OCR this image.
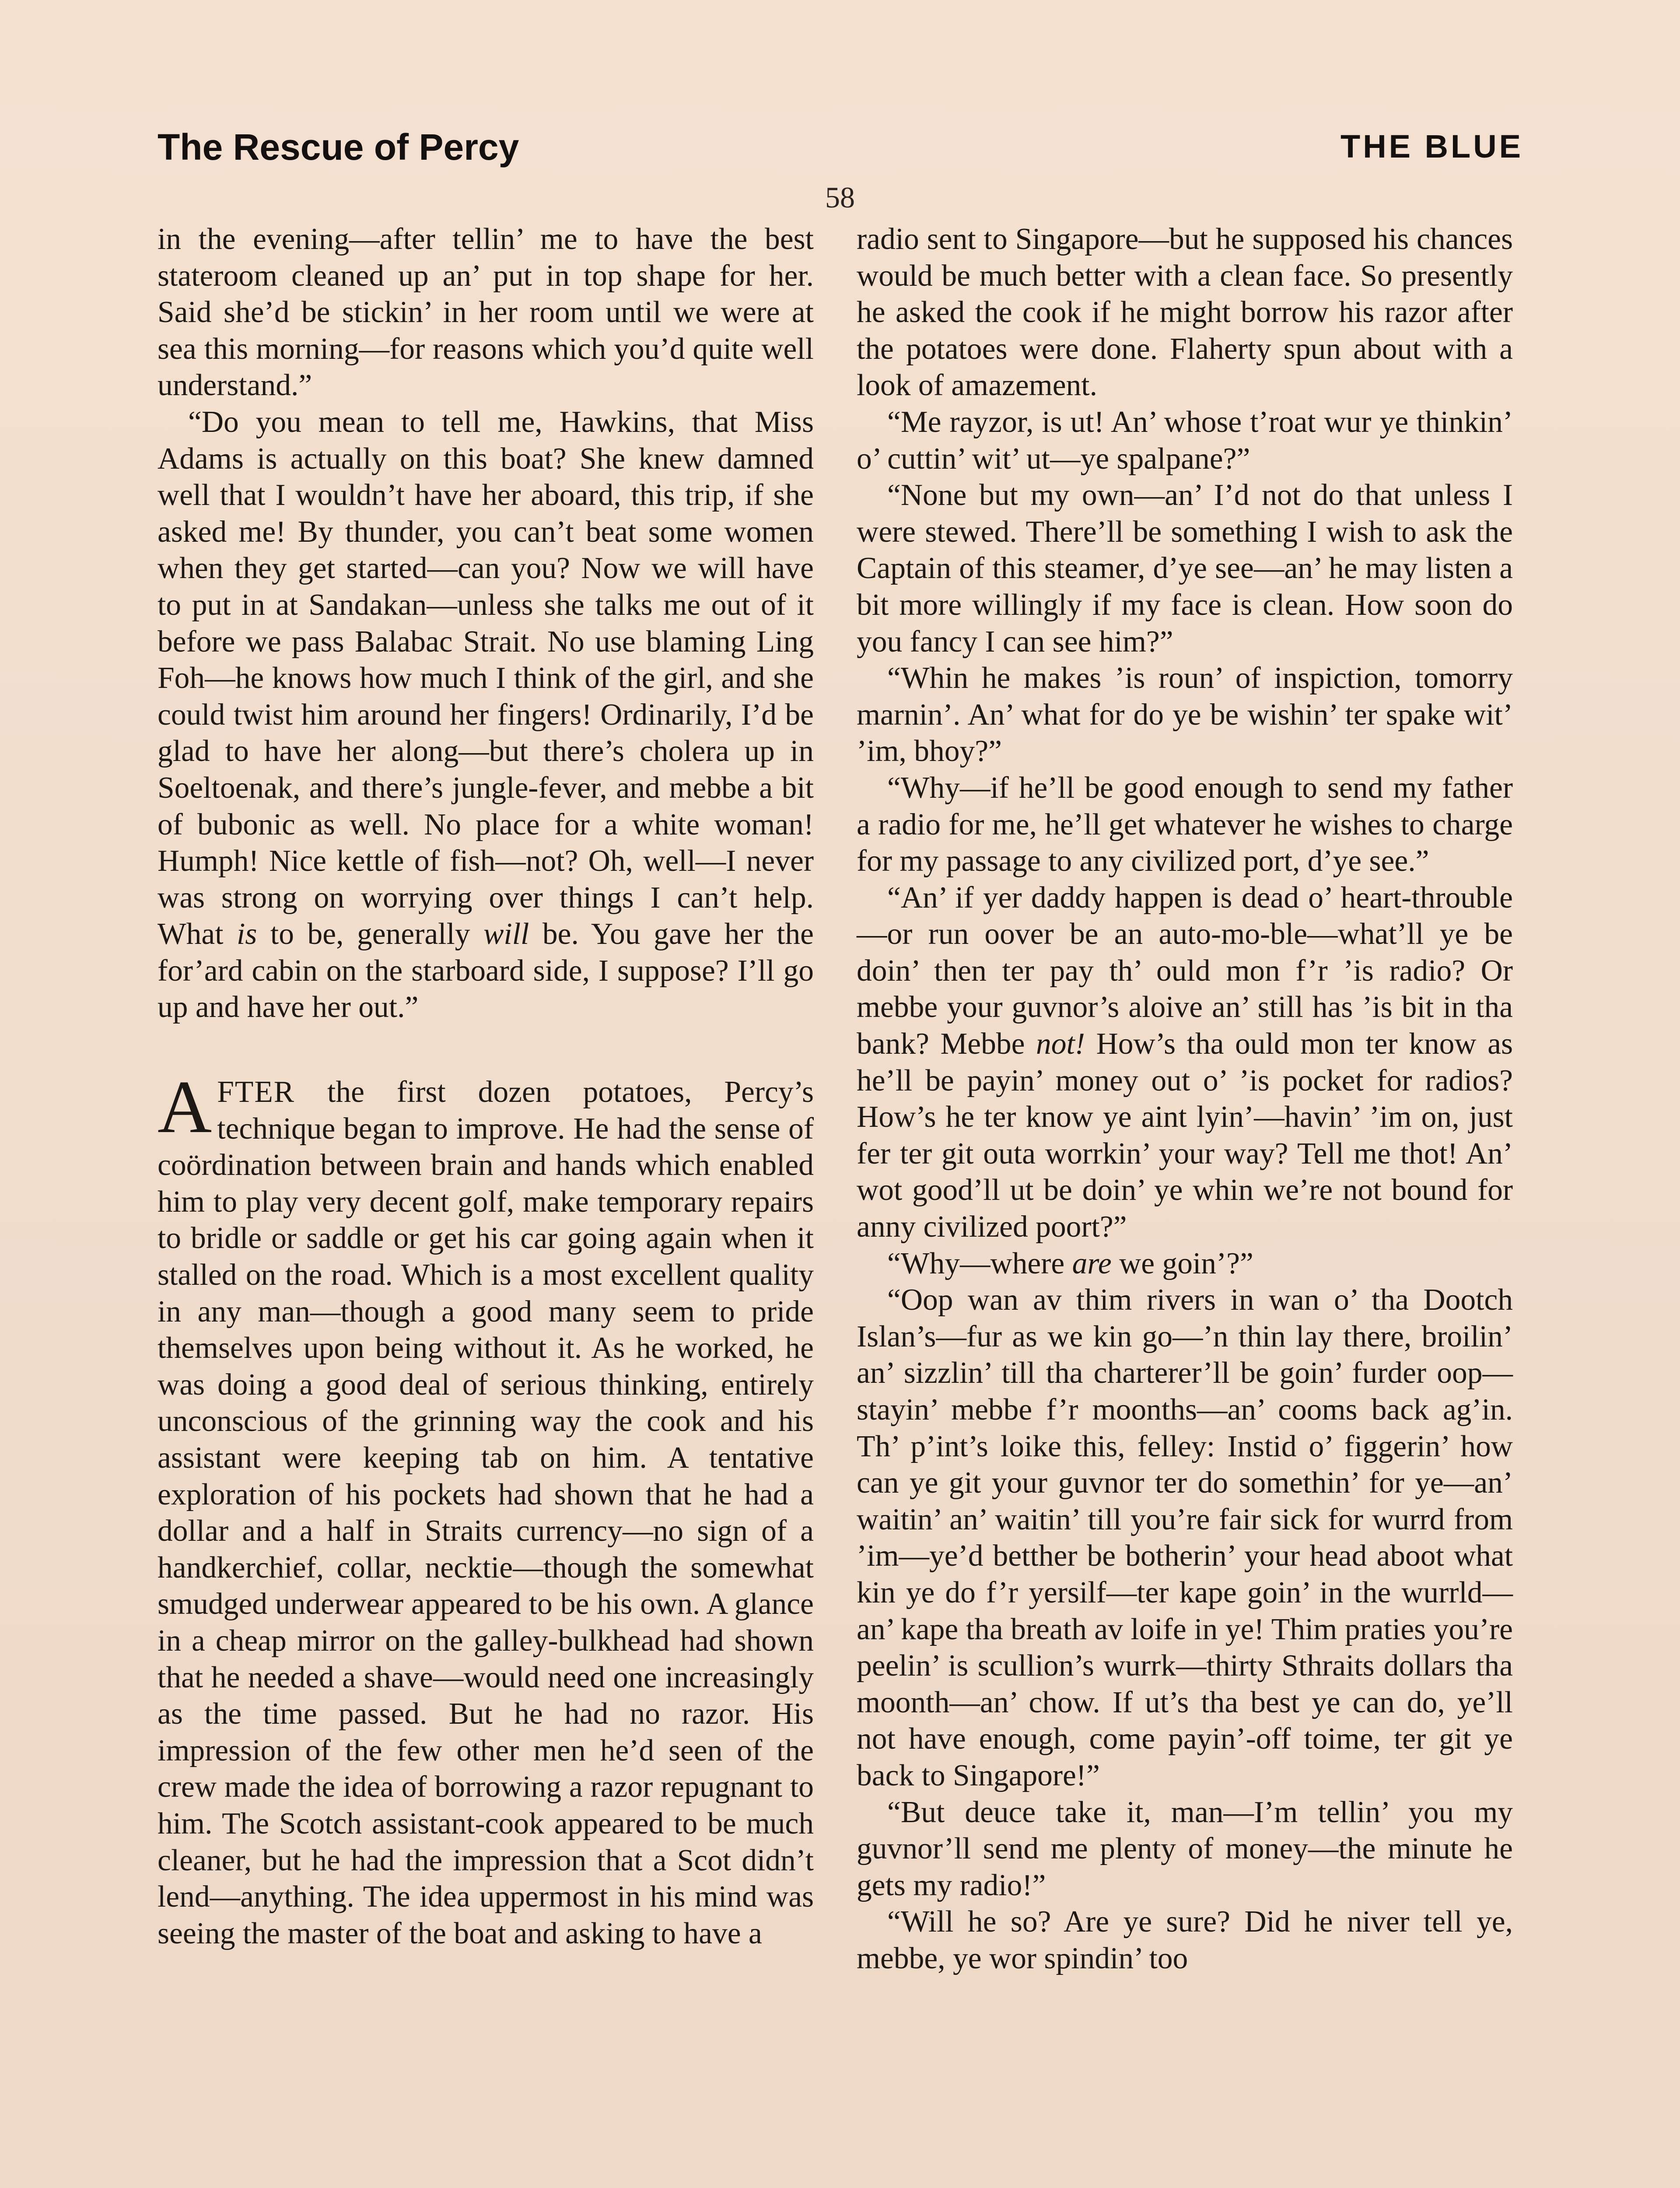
The Rescue of Percy	THE BLUE
58

in the evening—after tellin’ me to have the best stateroom cleaned up an’ put in top shape for her. Said she’d be stickin’ in her room until we were at sea this morning—for reasons which you’d quite well understand.”

“Do you mean to tell me, Hawkins, that Miss Adams is actually on this boat? She knew damned well that I wouldn’t have her aboard, this trip, if she asked me! By thunder, you can’t beat some women when they get started—can you? Now we will have to put in at Sandakan—unless she talks me out of it before we pass Balabac Strait. No use blaming Ling Foh—he knows how much I think of the girl, and she could twist him around her fingers! Ordinarily, I’d be glad to have her along—but there’s cholera up in Soeltoenak, and there’s jungle-fever, and mebbe a bit of bubonic as well. No place for a white woman! Humph! Nice kettle of fish—not? Oh, well—I never was strong on worrying over things I can’t help. What is to be, generally will be. You gave her the for’ard cabin on the starboard side, I suppose? I’ll go up and have her out.”

AFTER the first dozen potatoes, Percy’s technique began to improve. He had the sense of coördination between brain and hands which enabled him to play very decent golf, make temporary repairs to bridle or saddle or get his car going again when it stalled on the road. Which is a most excellent quality in any man—though a good many seem to pride themselves upon being without it. As he worked, he was doing a good deal of serious thinking, entirely unconscious of the grinning way the cook and his assistant were keeping tab on him. A tentative exploration of his pockets had shown that he had a dollar and a half in Straits currency—no sign of a handkerchief, collar, necktie—though the somewhat smudged underwear appeared to be his own. A glance in a cheap mirror on the galley-bulkhead had shown that he needed a shave—would need one increasingly as the time passed. But he had no razor. His impression of the few other men he’d seen of the crew made the idea of borrowing a razor repugnant to him. The Scotch assistant-cook appeared to be much cleaner, but he had the impression that a Scot didn’t lend—anything. The idea uppermost in his mind was seeing the master of the boat and asking to have a

radio sent to Singapore—but he supposed his chances would be much better with a clean face. So presently he asked the cook if he might borrow his razor after the potatoes were done. Flaherty spun about with a look of amazement.

“Me rayzor, is ut! An’ whose t’roat wur ye thinkin’ o’ cuttin’ wit’ ut—ye spalpane?”

“None but my own—an’ I’d not do that unless I were stewed. There’ll be something I wish to ask the Captain of this steamer, d’ye see—an’ he may listen a bit more willingly if my face is clean. How soon do you fancy I can see him?”

“Whin he makes ’is roun’ of inspiction, tomorry marnin’. An’ what for do ye be wishin’ ter spake wit’ ’im, bhoy?”

“Why—if he’ll be good enough to send my father a radio for me, he’ll get whatever he wishes to charge for my passage to any civilized port, d’ye see.”

“An’ if yer daddy happen is dead o’ heart-throuble—or run oover be an auto-mo-ble—what’ll ye be doin’ then ter pay th’ ould mon f’r ’is radio? Or mebbe your guvnor’s aloive an’ still has ’is bit in tha bank? Mebbe not! How’s tha ould mon ter know as he’ll be payin’ money out o’ ’is pocket for radios? How’s he ter know ye aint lyin’—havin’ ’im on, just fer ter git outa worrkin’ your way? Tell me thot! An’ wot good’ll ut be doin’ ye whin we’re not bound for anny civilized poort?”

“Why—where are we goin’?”

“Oop wan av thim rivers in wan o’ tha Dootch Islan’s—fur as we kin go—’n thin lay there, broilin’ an’ sizzlin’ till tha charterer’ll be goin’ furder oop—stayin’ mebbe f’r moonths—an’ cooms back ag’in. Th’ p’int’s loike this, felley: Instid o’ figgerin’ how can ye git your guvnor ter do somethin’ for ye—an’ waitin’ an’ waitin’ till you’re fair sick for wurrd from ’im—ye’d betther be botherin’ your head aboot what kin ye do f’r yersilf—ter kape goin’ in the wurrld—an’ kape tha breath av loife in ye! Thim praties you’re peelin’ is scullion’s wurrk—thirty Sthraits dollars tha moonth—an’ chow. If ut’s tha best ye can do, ye’ll not have enough, come payin’-off toime, ter git ye back to Singapore!”

“But deuce take it, man—I’m tellin’ you my guvnor’ll send me plenty of money—the minute he gets my radio!”

“Will he so? Are ye sure? Did he niver tell ye, mebbe, ye wor spindin’ too
